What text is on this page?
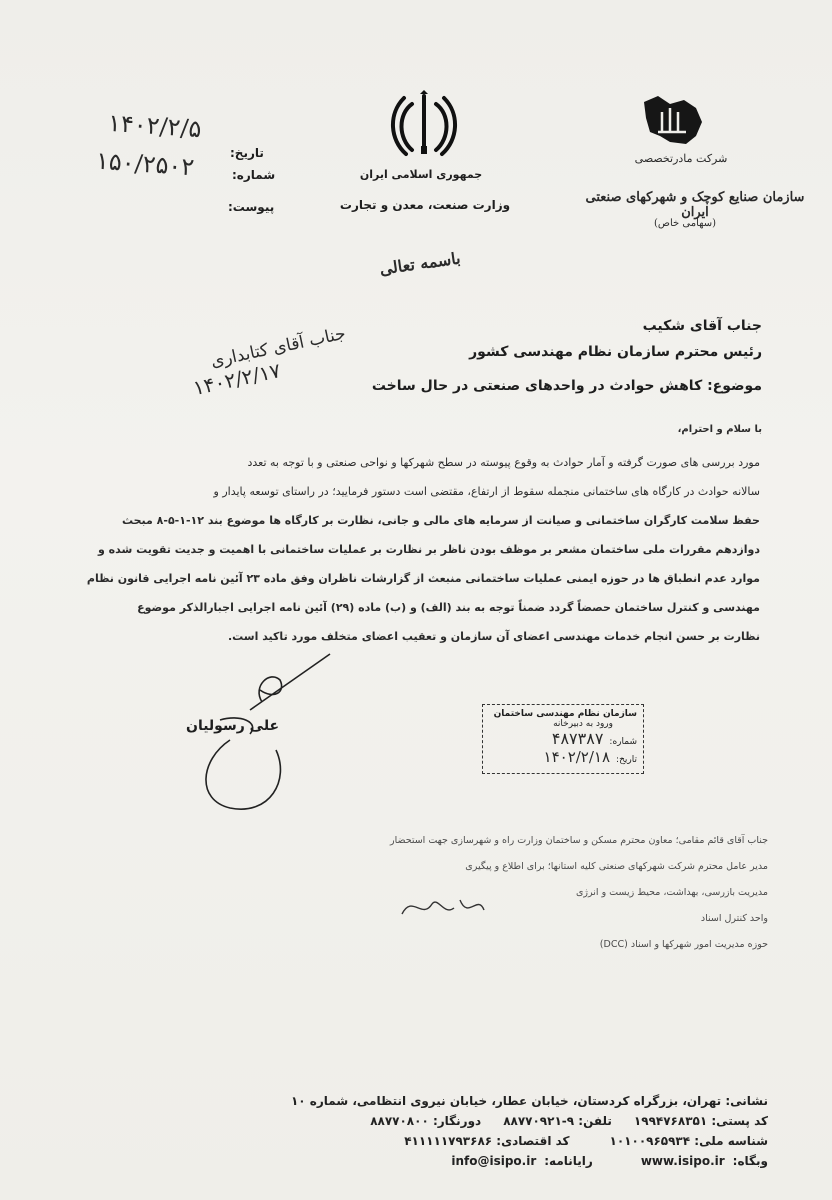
تاریخ:
شماره:
پیوست:
۱۴۰۲/۲/۵
۱۵۰/۲۵۰۲	جمهوری اسلامی ایران
وزارت صنعت، معدن و تجارت
باسمه تعالی
شرکت مادرتخصصی
سازمان صنایع کوچک و شهرکهای صنعتی ایران
(سهامی خاص)
جناب آقای شکیب
رئیس محترم سازمان نظام مهندسی کشور
موضوع: کاهش حوادث در واحدهای صنعتی در حال ساخت
جناب آقای کتابداری
۱۴۰۲/۲/۱۷
با سلام و احترام،
مورد بررسی های صورت گرفته و آمار حوادث به وقوع پیوسته در سطح شهرکها و نواحی صنعتی و با توجه به تعدد
سالانه حوادث در کارگاه های ساختمانی منجمله سقوط از ارتفاع، مقتضی است دستور فرمایید؛ در راستای توسعه پایدار و
حفظ سلامت کارگران ساختمانی و صیانت از سرمایه های مالی و جانی، نظارت بر کارگاه ها موضوع بند ۱۲-۱-۵-۸ مبحث
دوازدهم مقررات ملی ساختمان مشعر بر موظف بودن ناظر بر نظارت بر عملیات ساختمانی با اهمیت و جدیت تقویت شده و
موارد عدم انطباق ها در حوزه ایمنی عملیات ساختمانی منبعث از گزارشات ناظران وفق ماده ۲۳ آئین نامه اجرایی قانون نظام
مهندسی و کنترل ساختمان حصضاً گردد ضمناً توجه به بند (الف) و (ب) ماده (۲۹) آئین نامه اجرایی اجبارالذکر موضوع
نظارت بر حسن انجام خدمات مهندسی اعضای آن سازمان و تعقیب اعضای متخلف مورد تاکید است.
علی رسولیان
سازمان نظام مهندسی ساختمان
ورود به دبیرخانه
شماره:
۴۸۷۳۸۷
تاریخ:
۱۴۰۲/۲/۱۸
جناب آقای قائم مقامی؛ معاون محترم مسکن و ساختمان وزارت راه و شهرسازی جهت استحضار
مدیر عامل محترم شرکت شهرکهای صنعتی کلیه استانها؛ برای اطلاع و پیگیری
مدیریت بازرسی، بهداشت، محیط زیست و انرژی
واحد کنترل اسناد
حوزه مدیریت امور شهرکها و اسناد (DCC)
نشانی: تهران، بزرگراه کردستان، خیابان عطار، خیابان نیروی انتظامی، شماره ۱۰
کد پستی: ۱۹۹۴۷۶۸۳۵۱
تلفن: ۹-۸۸۷۷۰۹۲۱
دورنگار: ۸۸۷۷۰۸۰۰
شناسه ملی: ۱۰۱۰۰۹۶۵۹۳۴
کد اقتصادی: ۴۱۱۱۱۱۷۹۳۶۸۶
وبگاه:
www.isipo.ir
رایانامه:
info@isipo.ir
